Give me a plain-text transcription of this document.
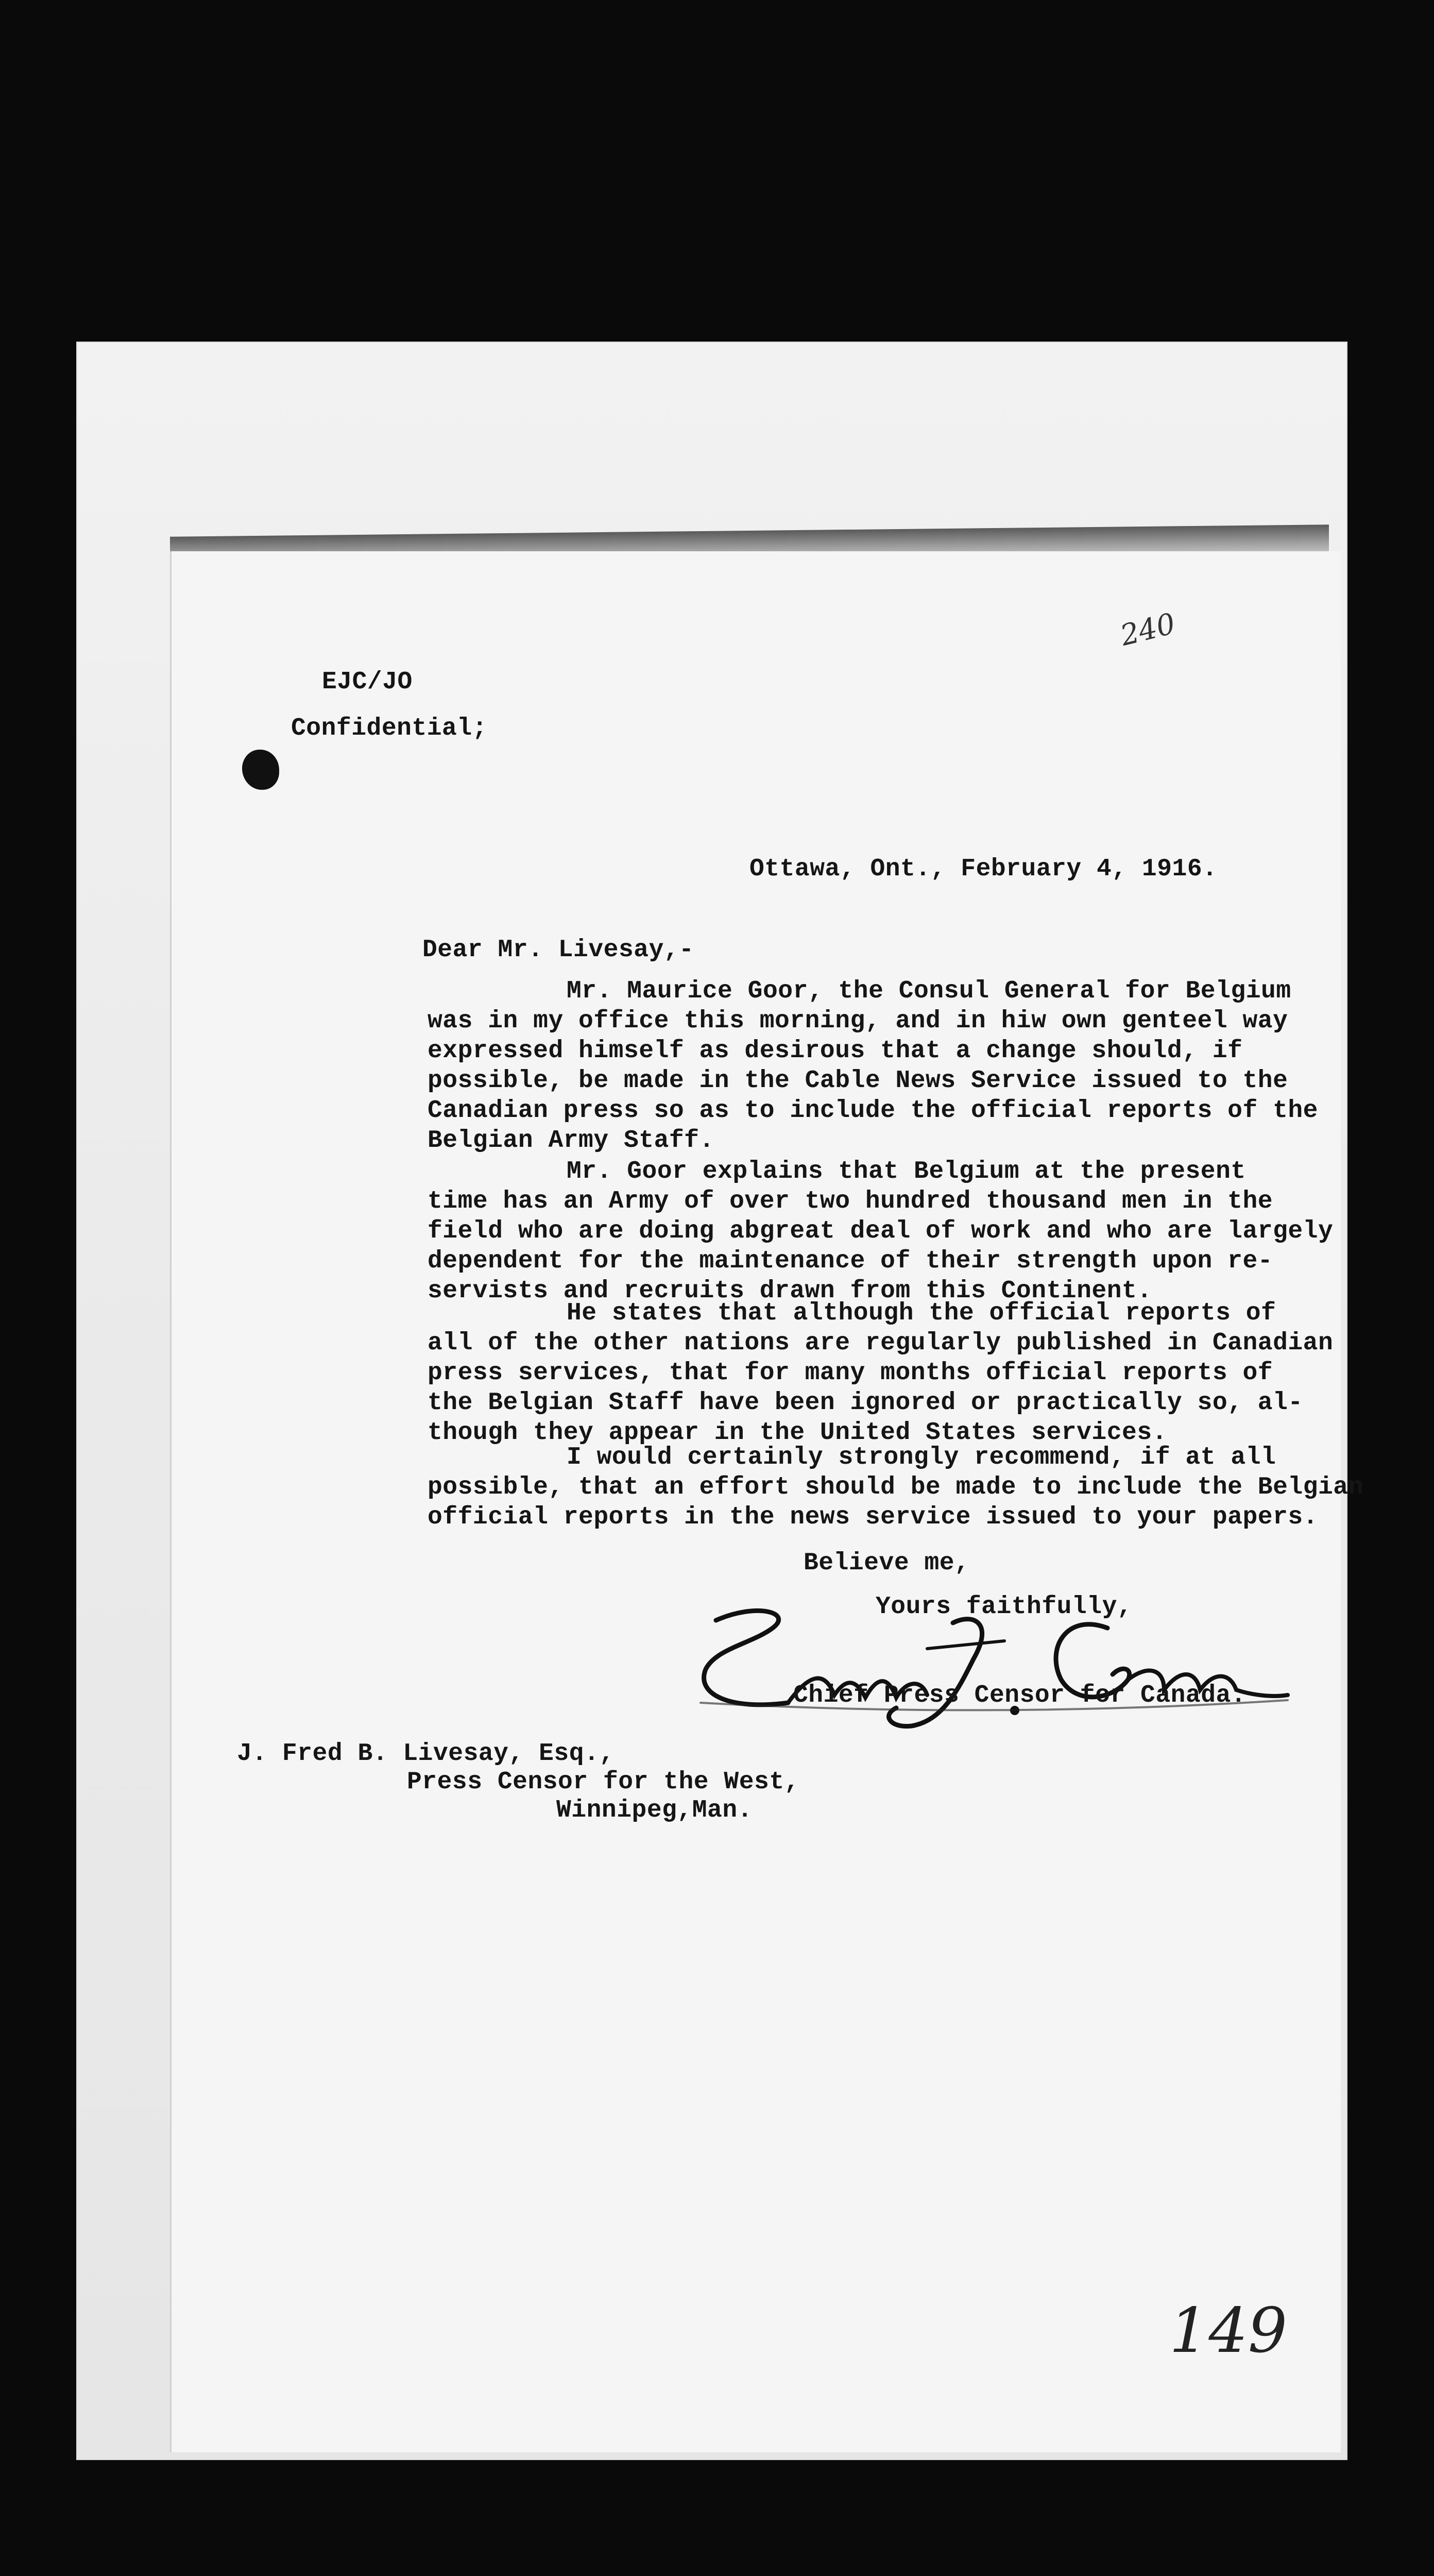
240
EJC/JO
Confidential;
Ottawa, Ont., February 4, 1916.
Dear Mr. Livesay,-
Mr. Maurice Goor, the Consul General for Belgium
was in my office this morning, and in hiw own genteel way
expressed himself as desirous that a change should, if
possible, be made in the Cable News Service issued to the
Canadian press so as to include the official reports of the
Belgian Army Staff.
Mr. Goor explains that Belgium at the present
time has an Army of over two hundred thousand men in the
field who are doing abgreat deal of work and who are largely
dependent for the maintenance of their strength upon re-
servists and recruits drawn from this Continent.
He states that although the official reports of
all of the other nations are regularly published in Canadian
press services, that for many months official reports of
the Belgian Staff have been ignored or practically so, al-
though they appear in the United States services.
I would certainly strongly recommend, if at all
possible, that an effort should be made to include the Belgian
official reports in the news service issued to your papers.
Believe me,
Yours faithfully,
Chief Press Censor for Canada.
J. Fred B. Livesay, Esq.,
Press Censor for the West,
Winnipeg,Man.
149
